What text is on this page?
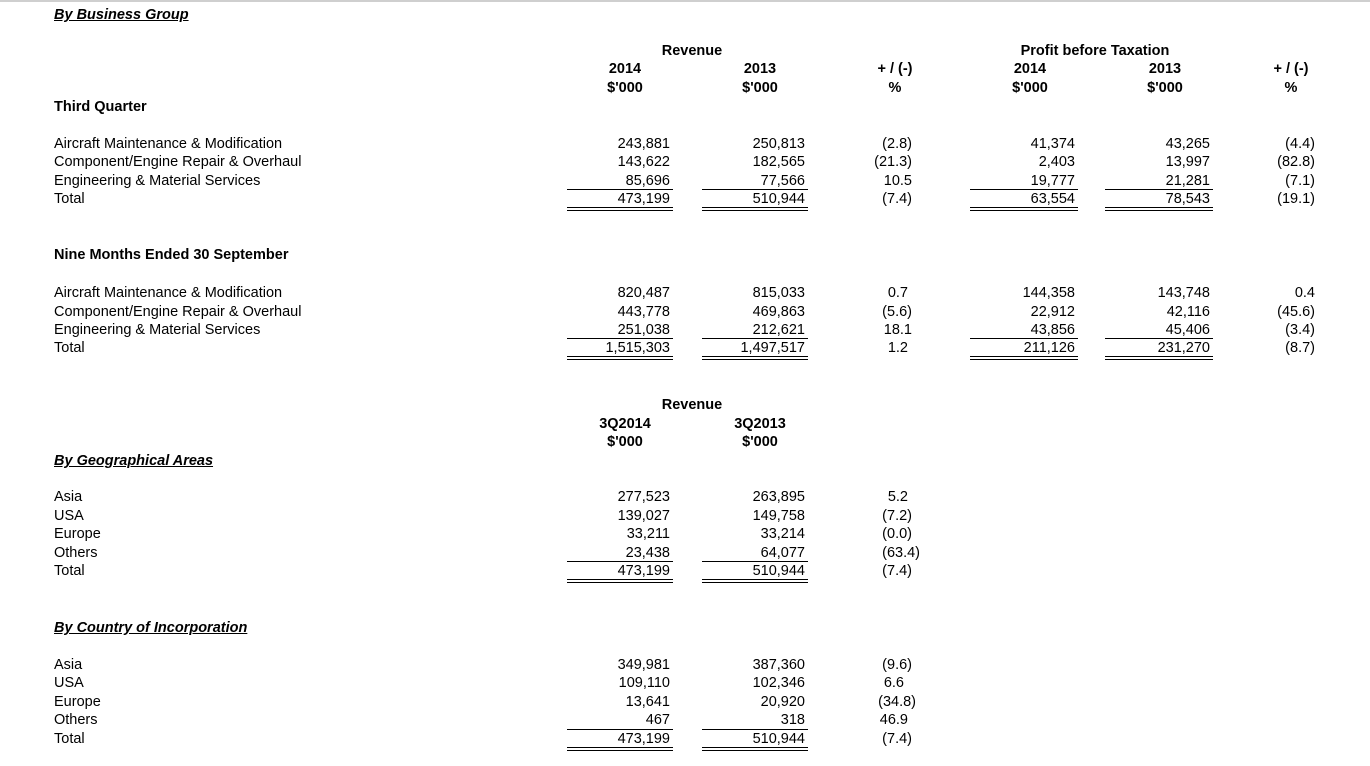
By Business Group
Revenue	Profit before Taxation
2014	2013	+ / (-)	2014	2013	+ / (-)
$'000	$'000	%	$'000	$'000	%
Third Quarter
Aircraft Maintenance & Modification	243,881	250,813	(2.8)	41,374	43,265	(4.4)
Component/Engine Repair & Overhaul	143,622	182,565	(21.3)	2,403	13,997	(82.8)
Engineering & Material Services	85,696	77,566	10.5	19,777	21,281	(7.1)
Total	473,199	510,944	(7.4)	63,554	78,543	(19.1)
Nine Months Ended 30 September
Aircraft Maintenance & Modification	820,487	815,033	0.7	144,358	143,748	0.4
Component/Engine Repair & Overhaul	443,778	469,863	(5.6)	22,912	42,116	(45.6)
Engineering & Material Services	251,038	212,621	18.1	43,856	45,406	(3.4)
Total	1,515,303	1,497,517	1.2	211,126	231,270	(8.7)
Revenue
3Q2014	3Q2013
$'000	$'000
By Geographical Areas
Asia	277,523	263,895	5.2
USA	139,027	149,758	(7.2)
Europe	33,211	33,214	(0.0)
Others	23,438	64,077	(63.4)
Total	473,199	510,944	(7.4)
By Country of Incorporation
Asia	349,981	387,360	(9.6)
USA	109,110	102,346	6.6
Europe	13,641	20,920	(34.8)
Others	467	318	46.9
Total	473,199	510,944	(7.4)
